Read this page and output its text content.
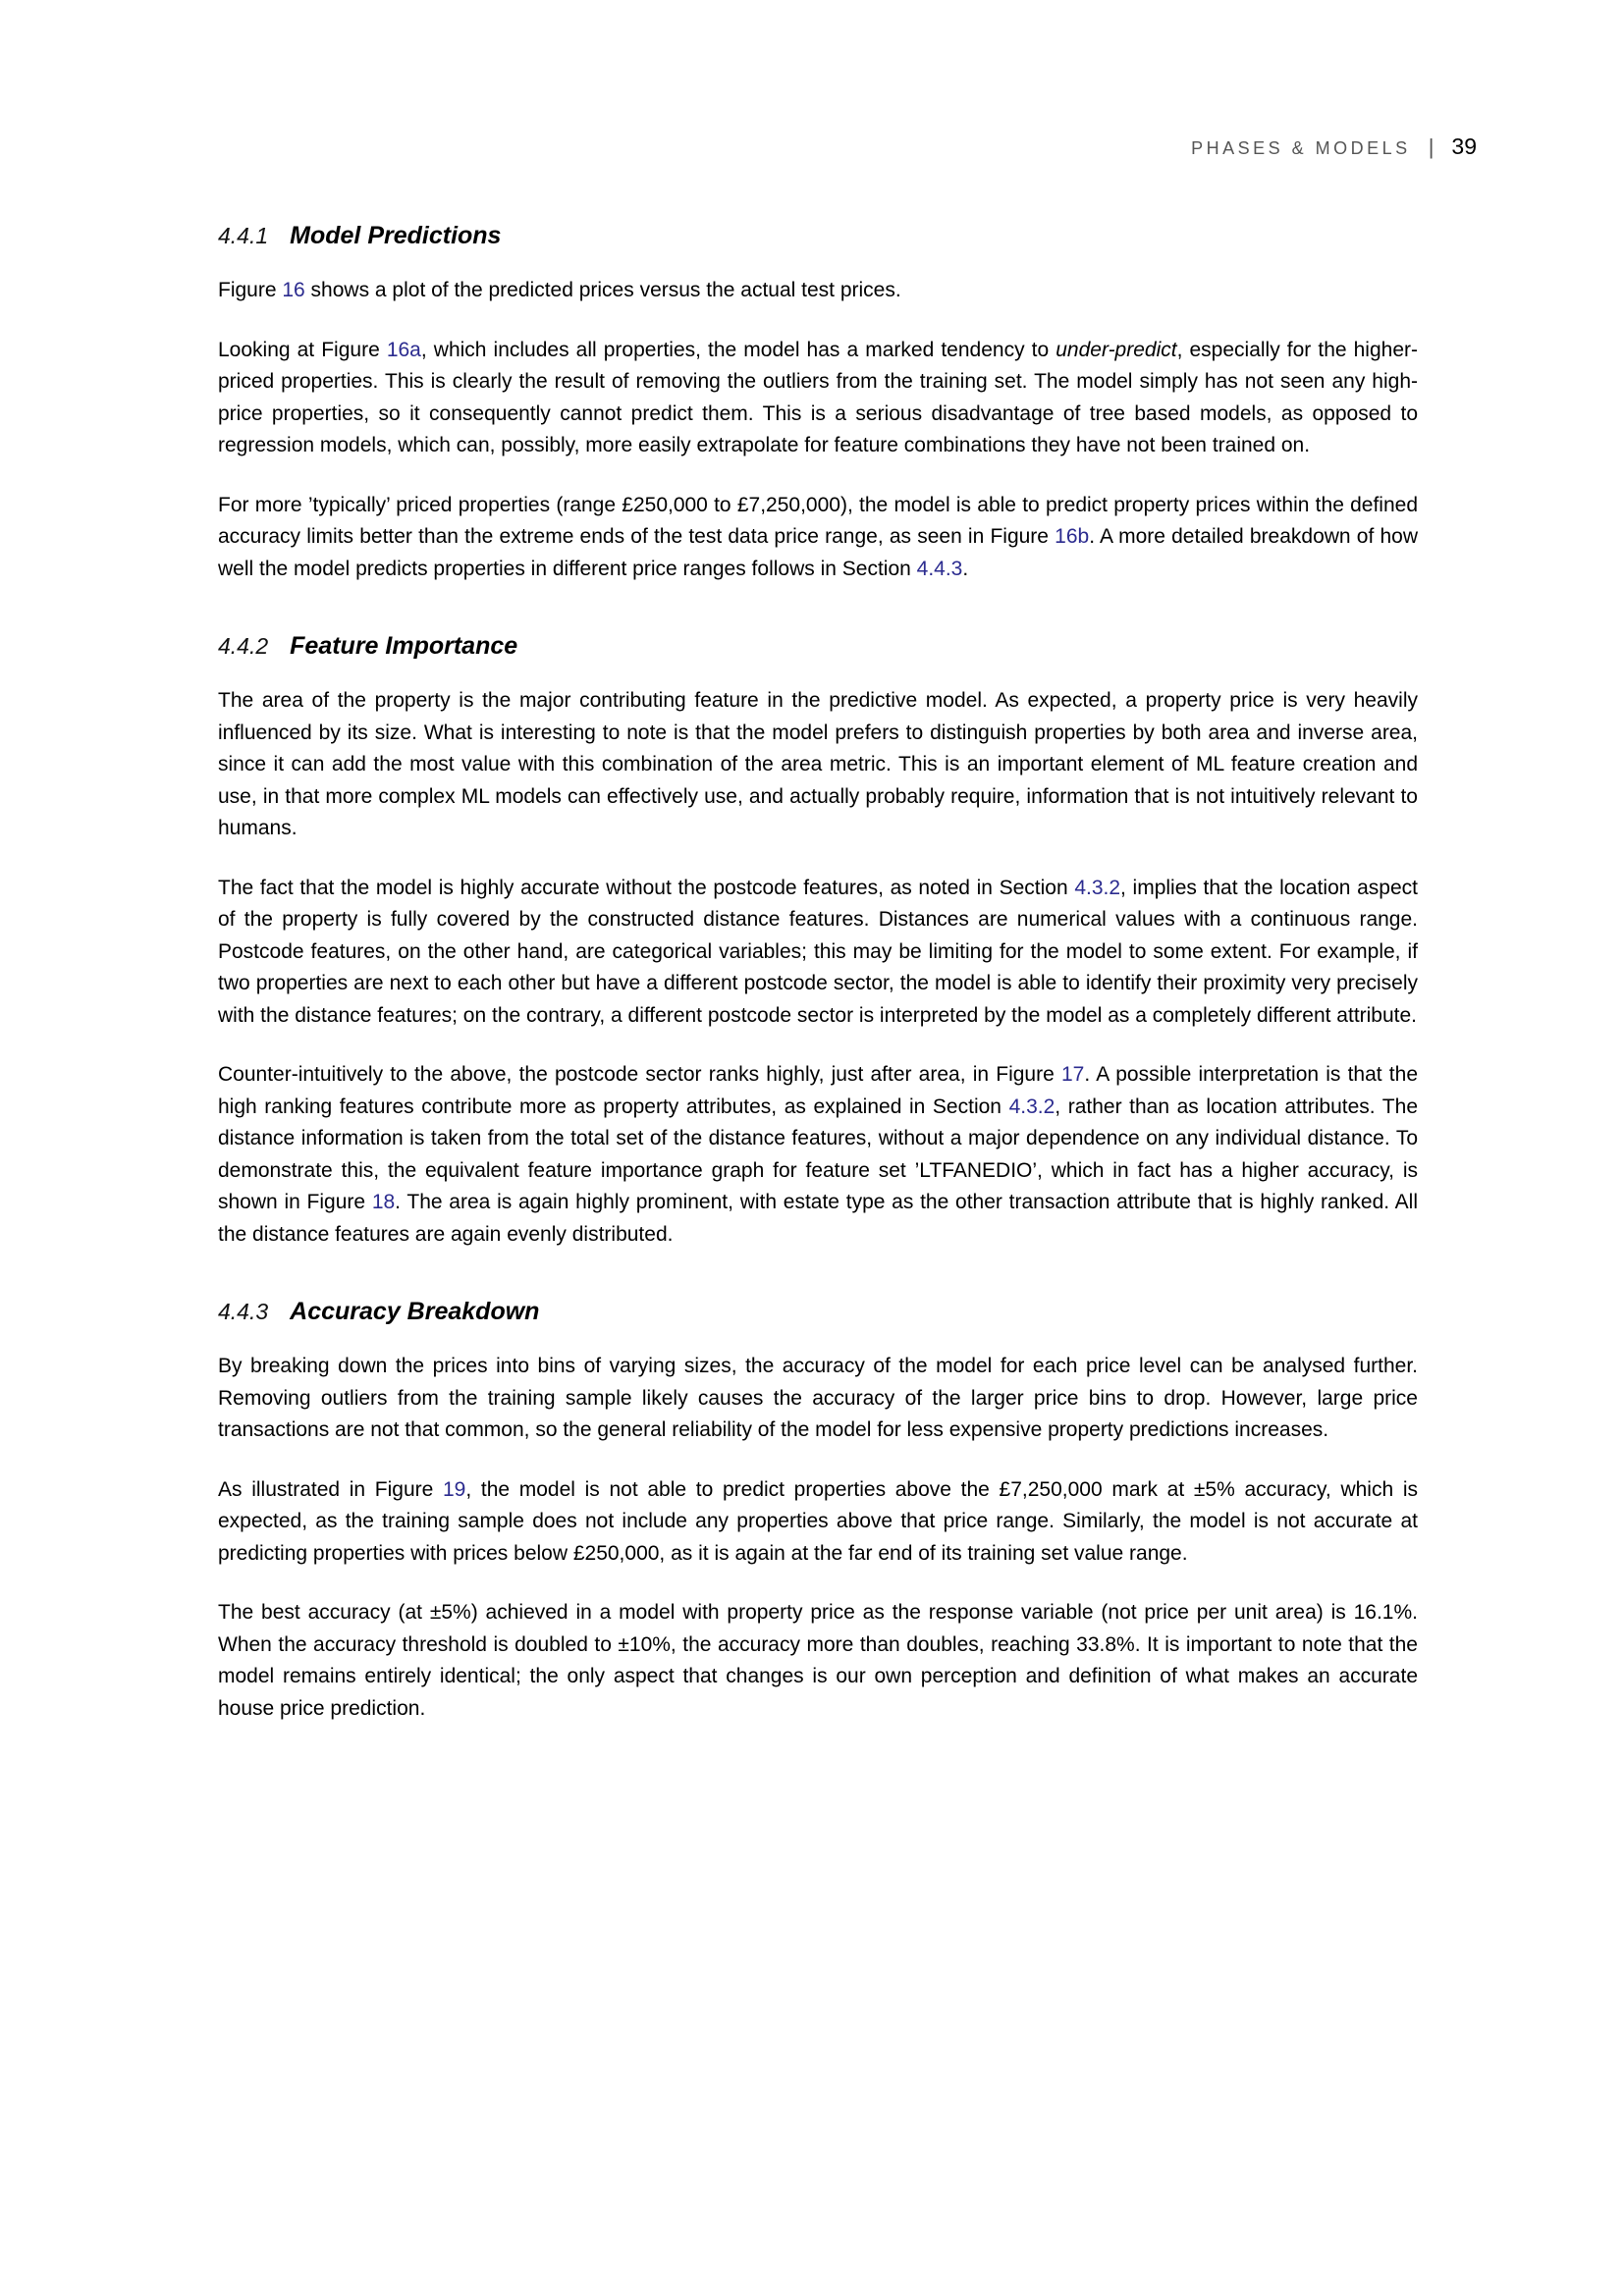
PHASES & MODELS | 39
4.4.1 Model Predictions

Figure 16 shows a plot of the predicted prices versus the actual test prices.

Looking at Figure 16a, which includes all properties, the model has a marked tendency to under-predict, especially for the higher-priced properties. This is clearly the result of removing the outliers from the training set. The model simply has not seen any high-price properties, so it consequently cannot predict them. This is a serious disadvantage of tree based models, as opposed to regression models, which can, possibly, more easily extrapolate for feature combinations they have not been trained on.

For more ’typically’ priced properties (range £250,000 to £7,250,000), the model is able to predict property prices within the defined accuracy limits better than the extreme ends of the test data price range, as seen in Figure 16b. A more detailed breakdown of how well the model predicts properties in different price ranges follows in Section 4.4.3.

4.4.2 Feature Importance

The area of the property is the major contributing feature in the predictive model. As expected, a property price is very heavily influenced by its size. What is interesting to note is that the model prefers to distinguish properties by both area and inverse area, since it can add the most value with this combination of the area metric. This is an important element of ML feature creation and use, in that more complex ML models can effectively use, and actually probably require, information that is not intuitively relevant to humans.

The fact that the model is highly accurate without the postcode features, as noted in Section 4.3.2, implies that the location aspect of the property is fully covered by the constructed distance features. Distances are numerical values with a continuous range. Postcode features, on the other hand, are categorical variables; this may be limiting for the model to some extent. For example, if two properties are next to each other but have a different postcode sector, the model is able to identify their proximity very precisely with the distance features; on the contrary, a different postcode sector is interpreted by the model as a completely different attribute.

Counter-intuitively to the above, the postcode sector ranks highly, just after area, in Figure 17. A possible interpretation is that the high ranking features contribute more as property attributes, as explained in Section 4.3.2, rather than as location attributes. The distance information is taken from the total set of the distance features, without a major dependence on any individual distance. To demonstrate this, the equivalent feature importance graph for feature set ’LTFANEDIO’, which in fact has a higher accuracy, is shown in Figure 18. The area is again highly prominent, with estate type as the other transaction attribute that is highly ranked. All the distance features are again evenly distributed.

4.4.3 Accuracy Breakdown

By breaking down the prices into bins of varying sizes, the accuracy of the model for each price level can be analysed further. Removing outliers from the training sample likely causes the accuracy of the larger price bins to drop. However, large price transactions are not that common, so the general reliability of the model for less expensive property predictions increases.

As illustrated in Figure 19, the model is not able to predict properties above the £7,250,000 mark at ±5% accuracy, which is expected, as the training sample does not include any properties above that price range. Similarly, the model is not accurate at predicting properties with prices below £250,000, as it is again at the far end of its training set value range.

The best accuracy (at ±5%) achieved in a model with property price as the response variable (not price per unit area) is 16.1%. When the accuracy threshold is doubled to ±10%, the accuracy more than doubles, reaching 33.8%. It is important to note that the model remains entirely identical; the only aspect that changes is our own perception and definition of what makes an accurate house price prediction.
